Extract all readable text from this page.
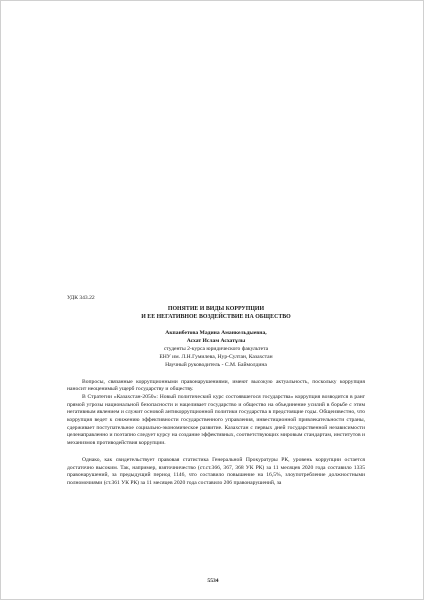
УДК 343.22
ПОНЯТИЕ И ВИДЫ КОРРУПЦИИ
И ЕЕ НЕГАТИВНОЕ ВОЗДЕЙСТВИЕ НА ОБЩЕСТВО
Акпанбетова Мадина Аманкельдыевна,
Асхат Ислам Асхатұлы
студенты 2-курса юридического факультета
ЕНУ им. Л.Н.Гумилева, Нур-Султан, Казахстан
Научный руководитель - С.М. Баймолдина

Вопросы, связанные коррупционными правонарушениями, имеют высокую актуальность, поскольку коррупция наносит неоценимый ущерб государству и обществу.

В Стратегии «Казахстан-2050»: Новый политический курс состоявшегося государства» коррупция возводится в ранг прямой угрозы национальной безопасности и нацеливает государство и общество на объединение усилий в борьбе с этим негативным явлением и служит основой антикоррупционной политики государства в предстоящие годы. Общеизвестно, что коррупция ведет к снижению эффективности государственного управления, инвестиционной привлекательности страны, сдерживает поступательное социально-экономическое развитие. Казахстан с первых дней государственной независимости целенаправленно и поэтапно следует курсу на создание эффективных, соответствующих мировым стандартам, институтов и механизмов противодействия коррупции.

Однако, как свидетельствует правовая статистика Генеральной Прокуратуры РК, уровень коррупции остается достаточно высоким. Так, например, взяточничество (ст.ст.366, 367, 368 УК РК) за 11 месяцев 2020 года составило 1335 правонарушений, за предыдущий период 1146, что составило повышение на 16,5%, злоупотребление должностными полномочиями (ст.361 УК РК) за 11 месяцев 2020 года составило 206 правонарушений, за

5534
